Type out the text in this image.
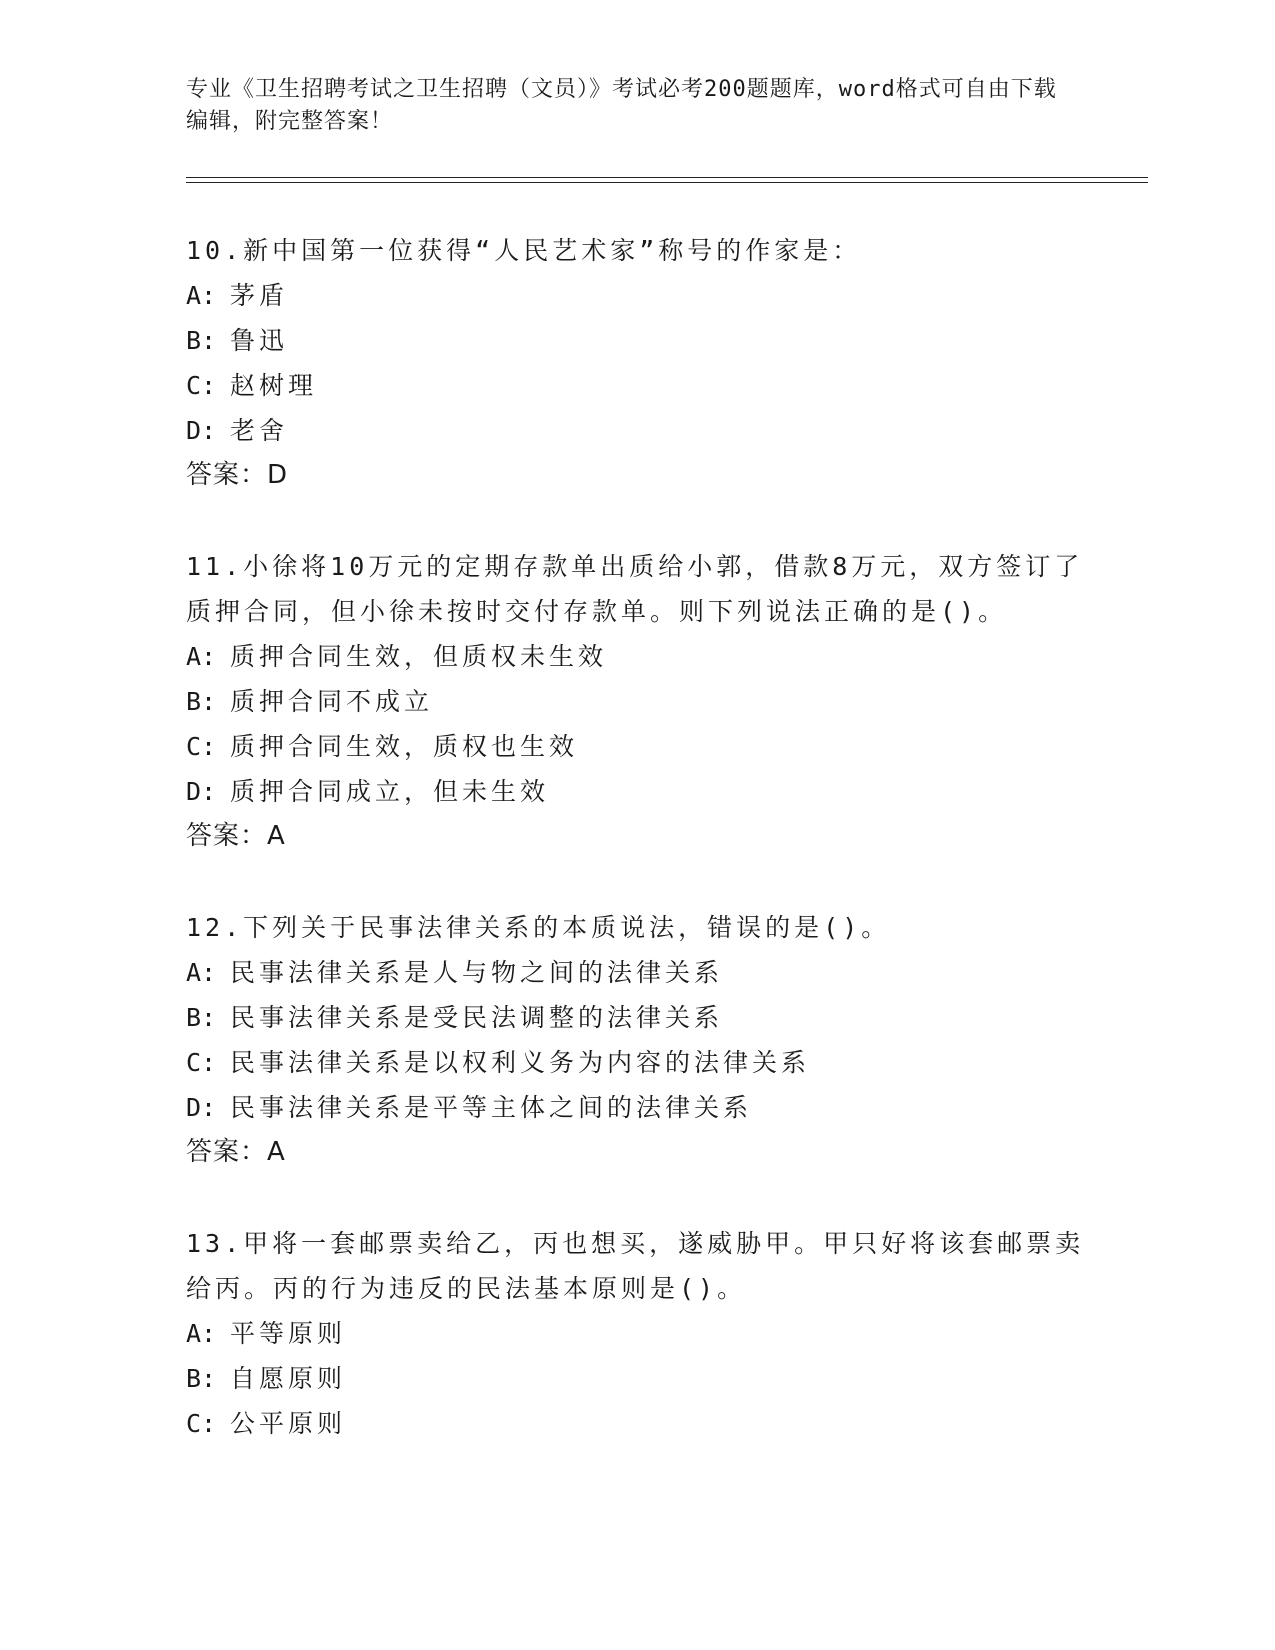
专业《卫生招聘考试之卫生招聘（文员）》考试必考200题题库，word格式可自由下载编辑，附完整答案！
10.新中国第一位获得“人民艺术家”称号的作家是：
A: 茅盾
B: 鲁迅
C: 赵树理
D: 老舍
答案：D
11.小徐将10万元的定期存款单出质给小郭，借款8万元，双方签订了质押合同，但小徐未按时交付存款单。则下列说法正确的是()。
A: 质押合同生效，但质权未生效
B: 质押合同不成立
C: 质押合同生效，质权也生效
D: 质押合同成立，但未生效
答案：A
12.下列关于民事法律关系的本质说法，错误的是()。
A: 民事法律关系是人与物之间的法律关系
B: 民事法律关系是受民法调整的法律关系
C: 民事法律关系是以权利义务为内容的法律关系
D: 民事法律关系是平等主体之间的法律关系
答案：A
13.甲将一套邮票卖给乙，丙也想买，遂威胁甲。甲只好将该套邮票卖给丙。丙的行为违反的民法基本原则是()。
A: 平等原则
B: 自愿原则
C: 公平原则
